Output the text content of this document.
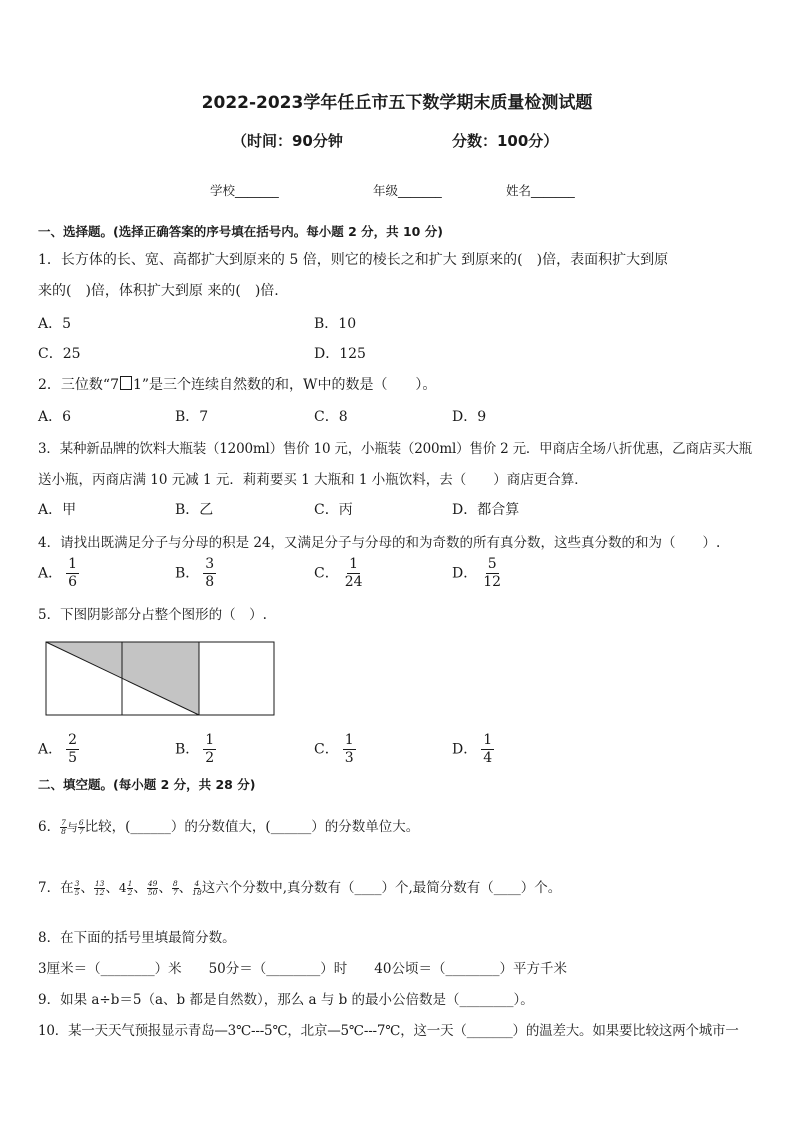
2022-2023学年任丘市五下数学期末质量检测试题
（时间：90分钟	分数：100分）
学校_______	年级_______	姓名_______
一、选择题。(选择正确答案的序号填在括号内。每小题 2 分，共 10 分)
1．长方体的长、宽、高都扩大到原来的 5 倍，则它的棱长之和扩大 到原来的(　)倍，表面积扩大到原
来的(　)倍，体积扩大到原 来的(　)倍.
A．5	B．10
C．25	D．125
2．三位数“7 1”是三个连续自然数的和，W中的数是（　　）。
A．6	B．7	C．8	D．9
3．某种新品牌的饮料大瓶装（1200ml）售价 10 元，小瓶装（200ml）售价 2 元．甲商店全场八折优惠，乙商店买大瓶
送小瓶，丙商店满 10 元减 1 元．莉莉要买 1 大瓶和 1 小瓶饮料，去（　　）商店更合算．
A．甲	B．乙	C．丙	D．都合算
4．请找出既满足分子与分母的积是 24，又满足分子与分母的和为奇数的所有真分数，这些真分数的和为（　　）.
A． $\frac{1}{6}$	B． $\frac{3}{8}$	C． $\frac{1}{24}$	D． $\frac{5}{12}$
5．下图阴影部分占整个图形的（　）.
A． $\frac{2}{5}$	B． $\frac{1}{2}$	C． $\frac{1}{3}$	D． $\frac{1}{4}$
二、填空题。(每小题 2 分，共 28 分)
6． $\frac{7}{8}$ 与 $\frac{6}{7}$ 比较，(______）的分数值大，(______）的分数单位大。
7．在 $\frac{3}{5}$ 、 $\frac{13}{12}$ 、$4 \frac{1}{2}$ 、 $\frac{49}{50}$ 、 $\frac{8}{7}$ 、 $\frac{4}{18}$ 这六个分数中,真分数有（____）个,最简分数有（____）个。
8．在下面的括号里填最简分数。
3厘米＝（________）米　　50分＝（________）时　　40公顷＝（________）平方千米
9．如果 a÷b＝5（a、b 都是自然数），那么 a 与 b 的最小公倍数是（________）。
10．某一天天气预报显示青岛—3℃---5℃，北京—5℃---7℃，这一天（_______）的温差大。如果要比较这两个城市一
